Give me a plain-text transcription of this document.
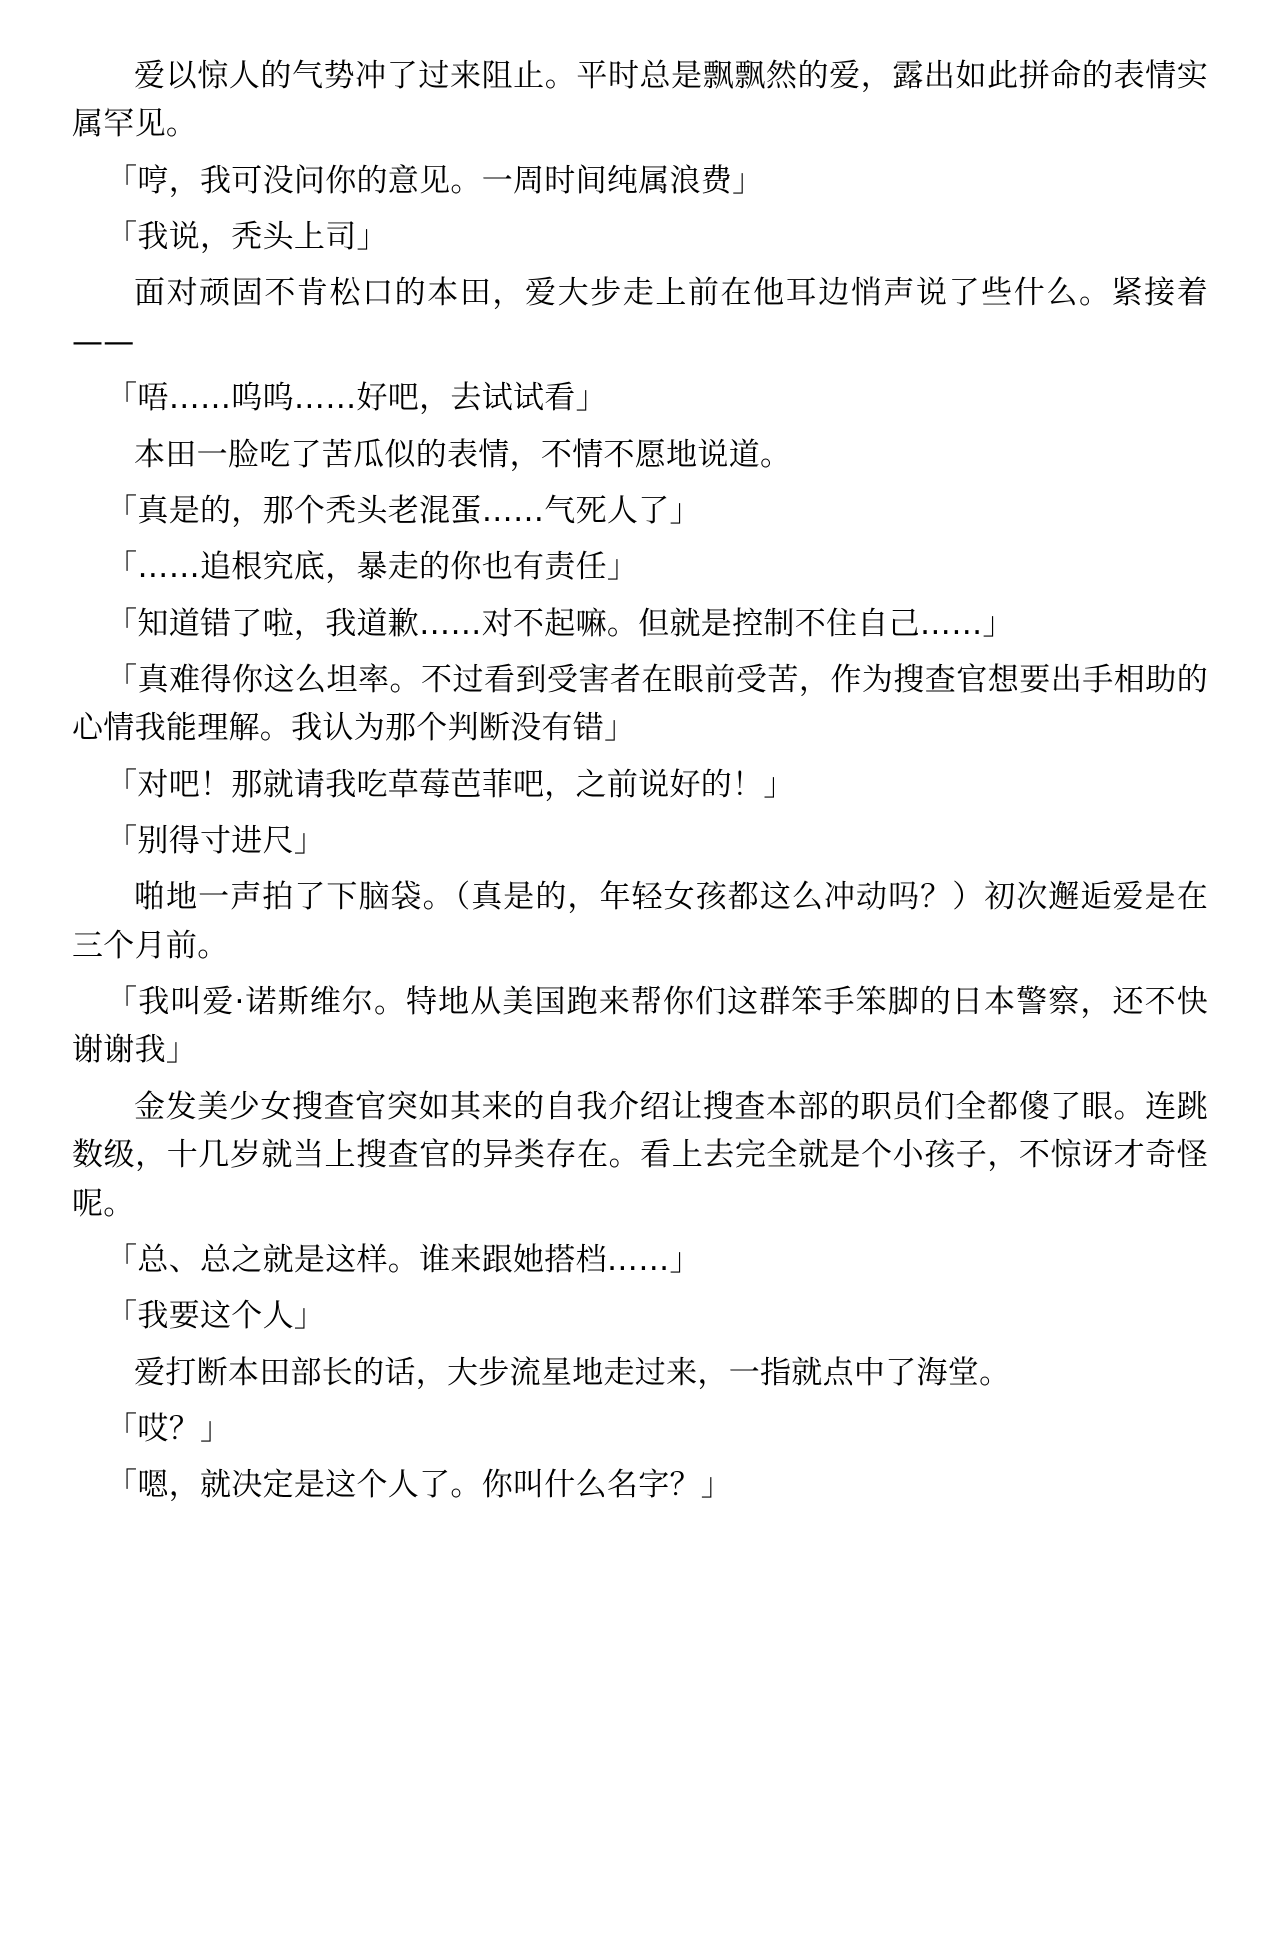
爱以惊人的气势冲了过来阻止。平时总是飘飘然的爱，露出如此拼命的表情实属罕见。

「哼，我可没问你的意见。一周时间纯属浪费」

「我说，秃头上司」

面对顽固不肯松口的本田，爱大步走上前在他耳边悄声说了些什么。紧接着——

「唔……呜呜……好吧，去试试看」

本田一脸吃了苦瓜似的表情，不情不愿地说道。

「真是的，那个秃头老混蛋……气死人了」

「……追根究底，暴走的你也有责任」

「知道错了啦，我道歉……对不起嘛。但就是控制不住自己……」

「真难得你这么坦率。不过看到受害者在眼前受苦，作为搜查官想要出手相助的心情我能理解。我认为那个判断没有错」

「对吧！那就请我吃草莓芭菲吧，之前说好的！」

「别得寸进尺」

啪地一声拍了下脑袋。（真是的，年轻女孩都这么冲动吗？）初次邂逅爱是在三个月前。

「我叫爱·诺斯维尔。特地从美国跑来帮你们这群笨手笨脚的日本警察，还不快谢谢我」

金发美少女搜查官突如其来的自我介绍让搜查本部的职员们全都傻了眼。连跳数级，十几岁就当上搜查官的异类存在。看上去完全就是个小孩子，不惊讶才奇怪呢。

「总、总之就是这样。谁来跟她搭档……」

「我要这个人」

爱打断本田部长的话，大步流星地走过来，一指就点中了海堂。

「哎？」

「嗯，就决定是这个人了。你叫什么名字？」
